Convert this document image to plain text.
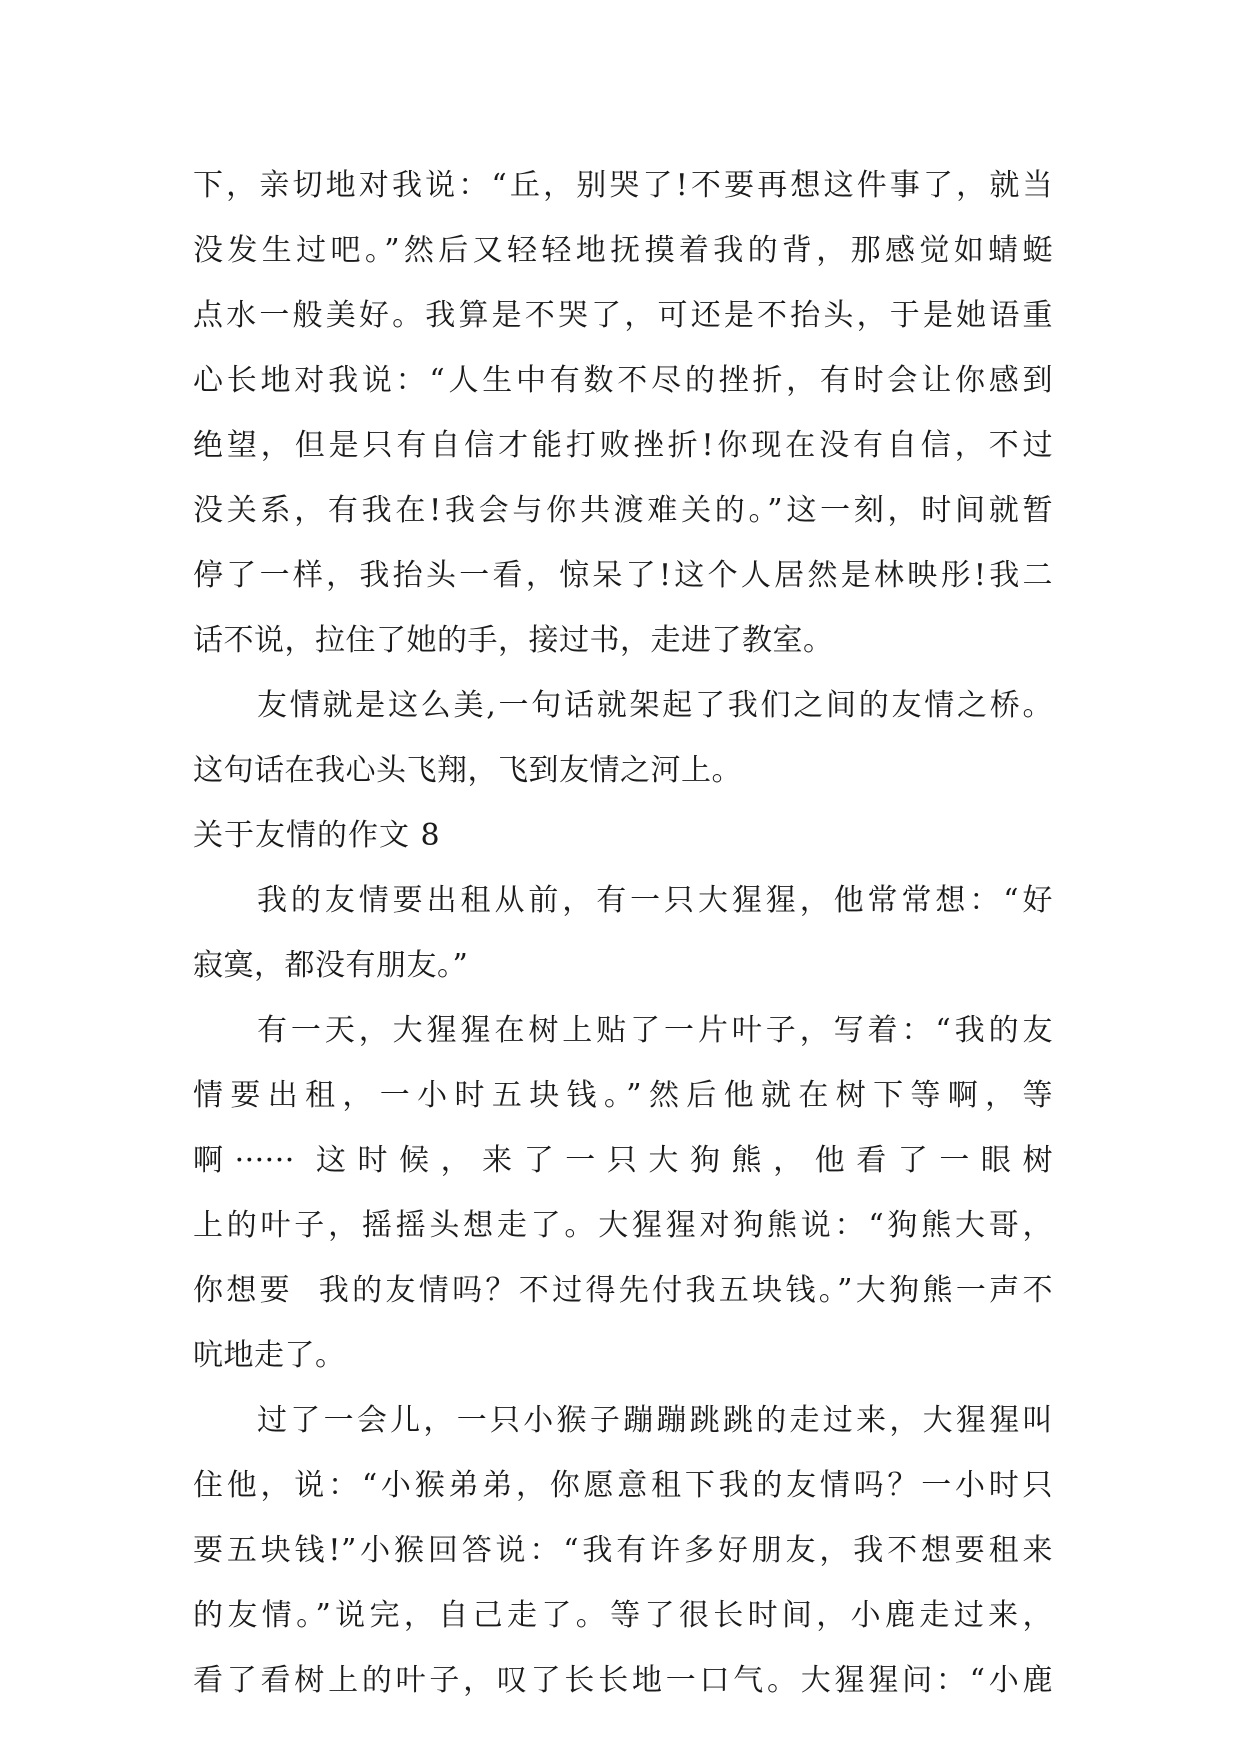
下，亲切地对我说：“丘，别哭了!不要再想这件事了，就当
没发生过吧。”然后又轻轻地抚摸着我的背，那感觉如蜻蜓
点水一般美好。我算是不哭了，可还是不抬头，于是她语重
心长地对我说：“人生中有数不尽的挫折，有时会让你感到
绝望，但是只有自信才能打败挫折!你现在没有自信，不过
没关系，有我在!我会与你共渡难关的。”这一刻，时间就暂
停了一样，我抬头一看，惊呆了!这个人居然是林映彤!我二
话不说，拉住了她的手，接过书，走进了教室。
友情就是这么美,一句话就架起了我们之间的友情之桥。
这句话在我心头飞翔，飞到友情之河上。
关于友情的作文 8
我的友情要出租从前，有一只大猩猩，他常常想：“好
寂寞，都没有朋友。”
有一天，大猩猩在树上贴了一片叶子，写着：“我的友
情要出租，一小时五块钱。”然后他就在树下等啊，等
啊······ 这时候，来了一只大狗熊，他看了一眼树
上的叶子，摇摇头想走了。大猩猩对狗熊说：“狗熊大哥，
你想要  我的友情吗？不过得先付我五块钱。”大狗熊一声不
吭地走了。
过了一会儿，一只小猴子蹦蹦跳跳的走过来，大猩猩叫
住他，说：“小猴弟弟，你愿意租下我的友情吗？一小时只
要五块钱!”小猴回答说：“我有许多好朋友，我不想要租来
的友情。”说完，自己走了。等了很长时间，小鹿走过来，
看了看树上的叶子，叹了长长地一口气。大猩猩问：“小鹿
